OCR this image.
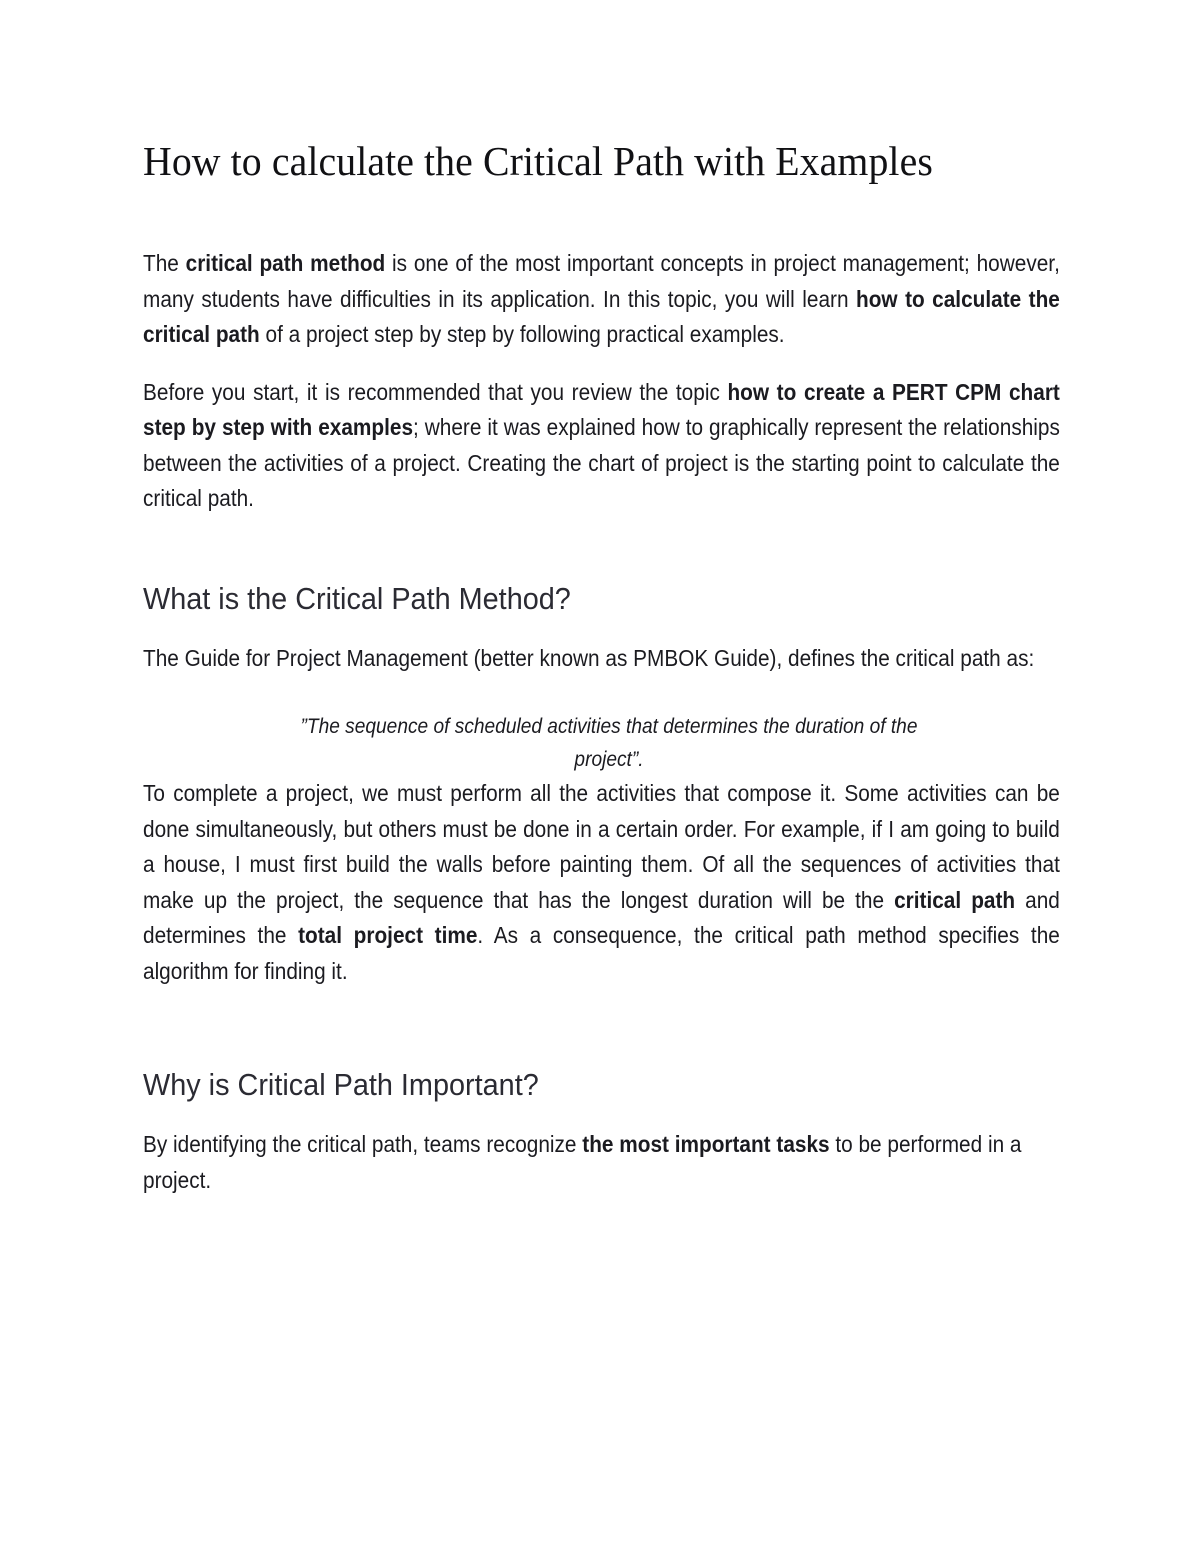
How to calculate the Critical Path with Examples

The critical path method is one of the most important concepts in project management; however, many students have difficulties in its application. In this topic, you will learn how to calculate the critical path of a project step by step by following practical examples.

Before you start, it is recommended that you review the topic how to create a PERT CPM chart step by step with examples; where it was explained how to graphically represent the relationships between the activities of a project. Creating the chart of project is the starting point to calculate the critical path.

What is the Critical Path Method?

The Guide for Project Management (better known as PMBOK Guide), defines the critical path as:

”The sequence of scheduled activities that determines the duration of the
project”.

To complete a project, we must perform all the activities that compose it. Some activities can be done simultaneously, but others must be done in a certain order. For example, if I am going to build a house, I must first build the walls before painting them. Of all the sequences of activities that make up the project, the sequence that has the longest duration will be the critical path and determines the total project time. As a consequence, the critical path method specifies the algorithm for finding it.

Why is Critical Path Important?

By identifying the critical path, teams recognize the most important tasks to be performed in a project.
